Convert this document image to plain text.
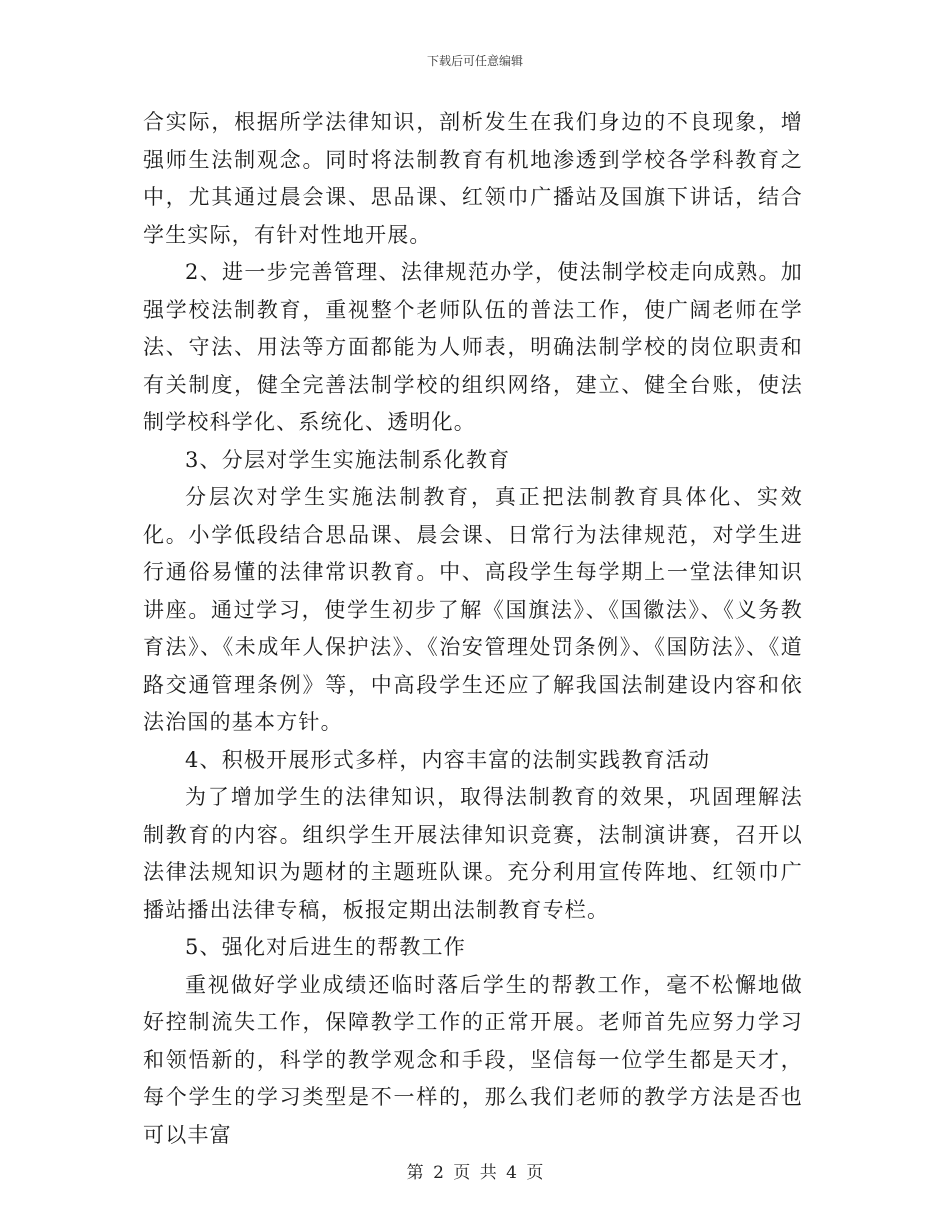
下载后可任意编辑

合实际，根据所学法律知识，剖析发生在我们身边的不良现象，增强师生法制观念。同时将法制教育有机地渗透到学校各学科教育之中，尤其通过晨会课、思品课、红领巾广播站及国旗下讲话，结合学生实际，有针对性地开展。

2、进一步完善管理、法律规范办学，使法制学校走向成熟。加强学校法制教育，重视整个老师队伍的普法工作，使广阔老师在学法、守法、用法等方面都能为人师表，明确法制学校的岗位职责和有关制度，健全完善法制学校的组织网络，建立、健全台账，使法制学校科学化、系统化、透明化。

3、分层对学生实施法制系化教育

分层次对学生实施法制教育，真正把法制教育具体化、实效化。小学低段结合思品课、晨会课、日常行为法律规范，对学生进行通俗易懂的法律常识教育。中、高段学生每学期上一堂法律知识讲座。通过学习，使学生初步了解《国旗法》、《国徽法》、《义务教育法》、《未成年人保护法》、《治安管理处罚条例》、《国防法》、《道路交通管理条例》等，中高段学生还应了解我国法制建设内容和依法治国的基本方针。

4、积极开展形式多样，内容丰富的法制实践教育活动

为了增加学生的法律知识，取得法制教育的效果，巩固理解法制教育的内容。组织学生开展法律知识竞赛，法制演讲赛，召开以法律法规知识为题材的主题班队课。充分利用宣传阵地、红领巾广播站播出法律专稿，板报定期出法制教育专栏。

5、强化对后进生的帮教工作

重视做好学业成绩还临时落后学生的帮教工作，毫不松懈地做好控制流失工作，保障教学工作的正常开展。老师首先应努力学习和领悟新的，科学的教学观念和手段，坚信每一位学生都是天才，每个学生的学习类型是不一样的，那么我们老师的教学方法是否也可以丰富

第 2 页 共 4 页
